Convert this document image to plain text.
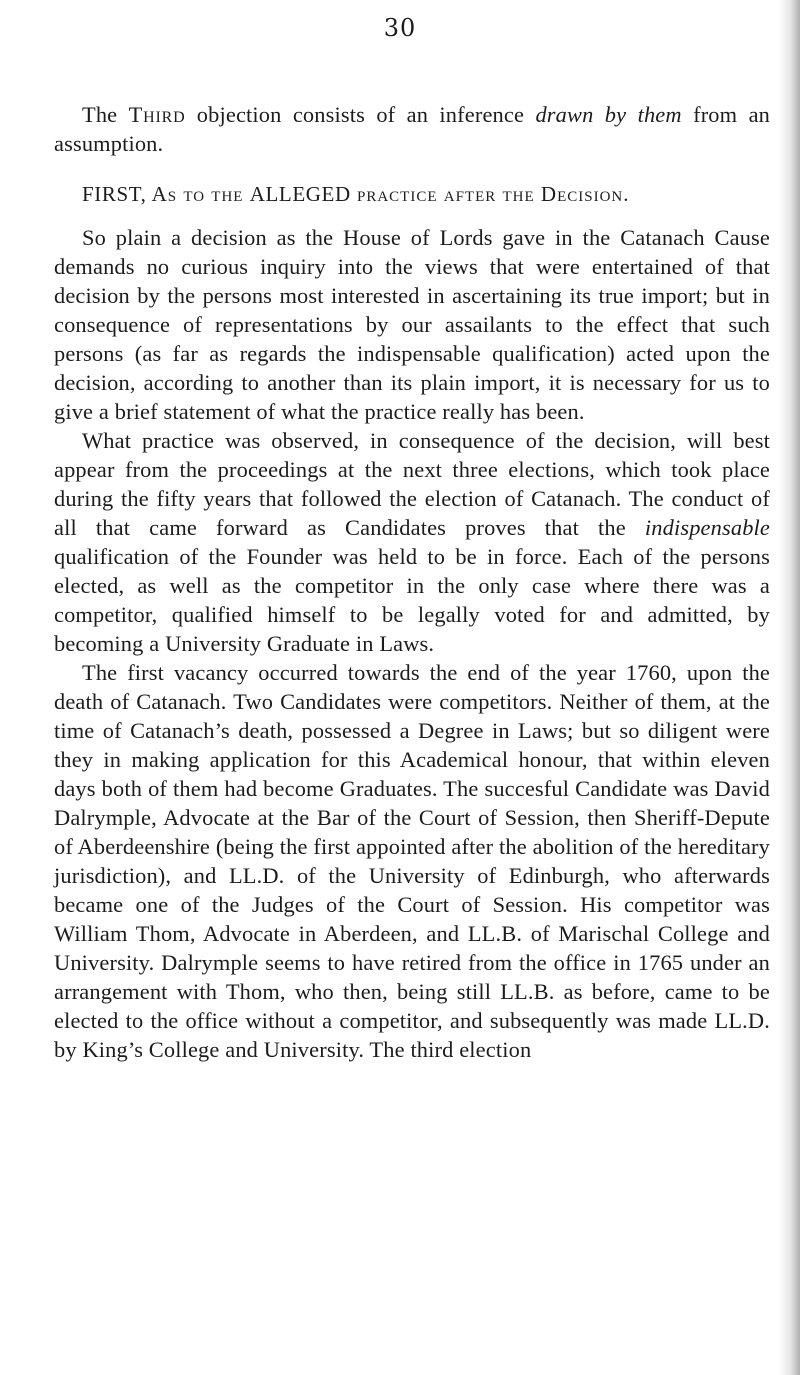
30

The Third objection consists of an inference drawn by them from an assumption.

FIRST, As to the ALLEGED practice after the Decision.

So plain a decision as the House of Lords gave in the Catanach Cause demands no curious inquiry into the views that were entertained of that decision by the persons most interested in ascertaining its true import; but in consequence of representations by our assailants to the effect that such persons (as far as regards the indispensable qualification) acted upon the decision, according to another than its plain import, it is necessary for us to give a brief statement of what the practice really has been.

What practice was observed, in consequence of the decision, will best appear from the proceedings at the next three elections, which took place during the fifty years that followed the election of Catanach. The conduct of all that came forward as Candidates proves that the indispensable qualification of the Founder was held to be in force. Each of the persons elected, as well as the competitor in the only case where there was a competitor, qualified himself to be legally voted for and admitted, by becoming a University Graduate in Laws.

The first vacancy occurred towards the end of the year 1760, upon the death of Catanach. Two Candidates were competitors. Neither of them, at the time of Catanach’s death, possessed a Degree in Laws; but so diligent were they in making application for this Academical honour, that within eleven days both of them had become Graduates. The succesful Candidate was David Dalrymple, Advocate at the Bar of the Court of Session, then Sheriff-Depute of Aberdeenshire (being the first appointed after the abolition of the hereditary jurisdiction), and LL.D. of the University of Edinburgh, who afterwards became one of the Judges of the Court of Session. His competitor was William Thom, Advocate in Aberdeen, and LL.B. of Marischal College and University. Dalrymple seems to have retired from the office in 1765 under an arrangement with Thom, who then, being still LL.B. as before, came to be elected to the office without a competitor, and subsequently was made LL.D. by King’s College and University. The third election
